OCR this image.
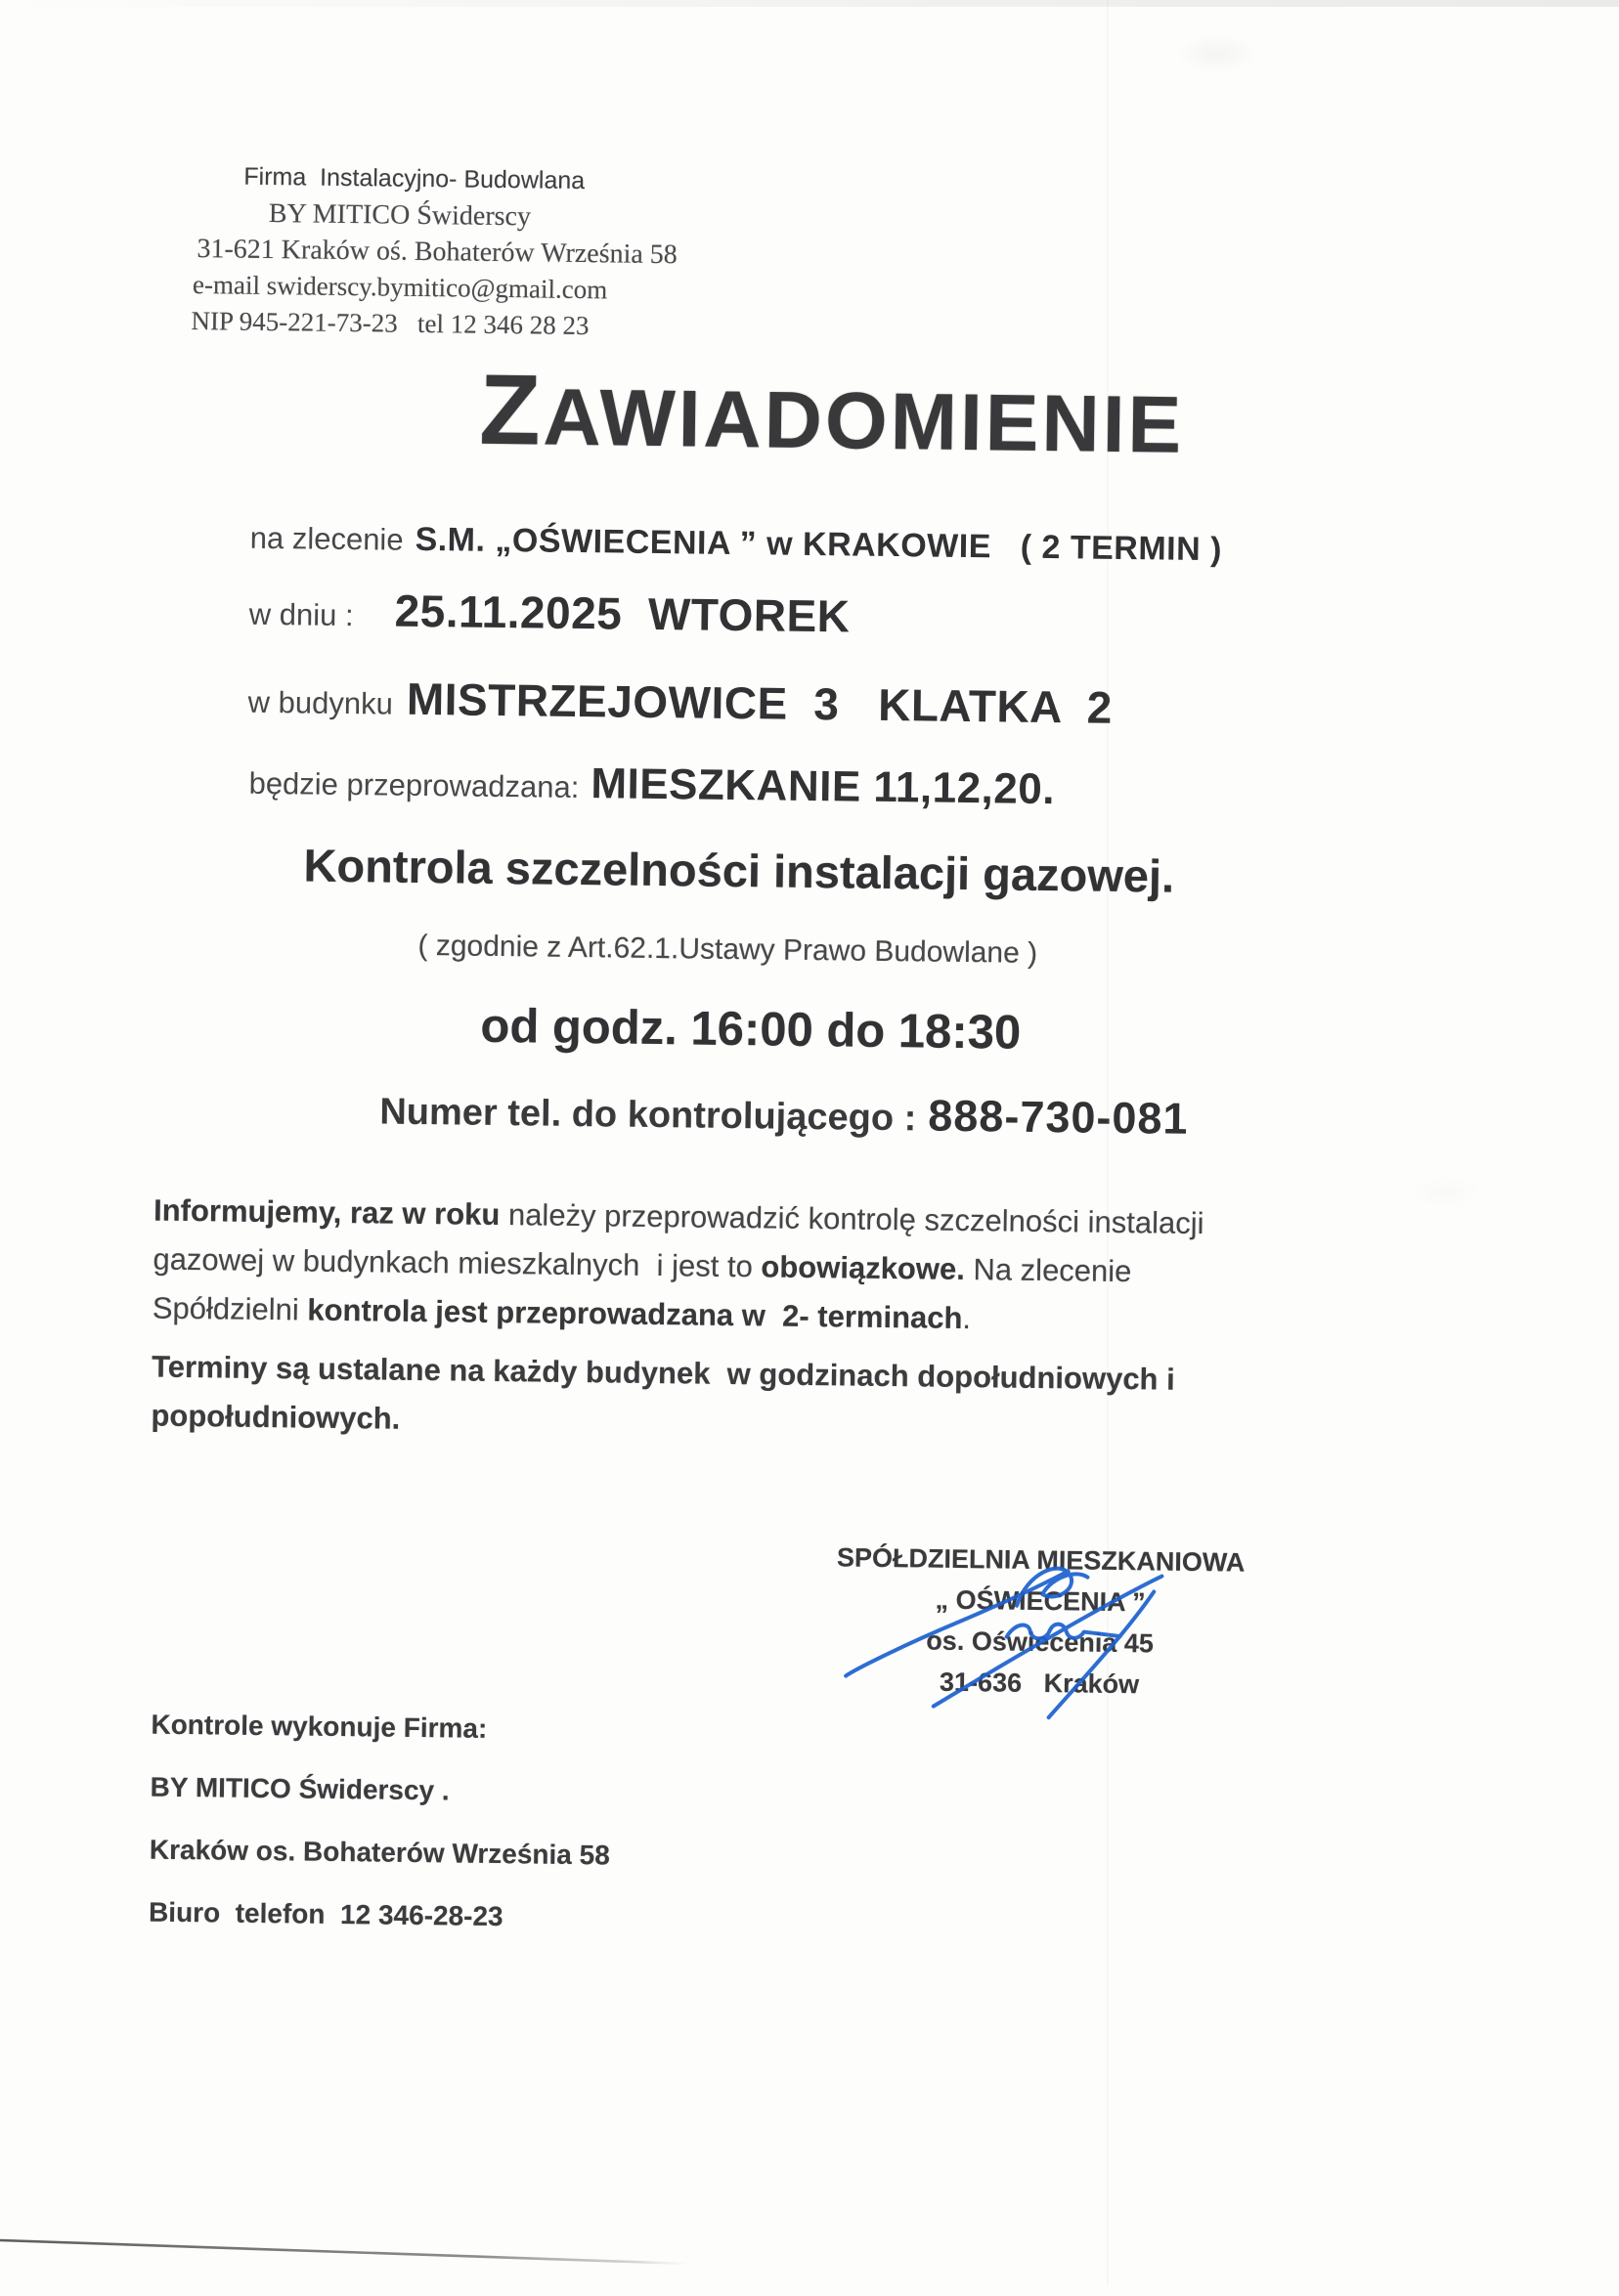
Firma  Instalacyjno- Budowlana
BY MITICO Świderscy
31-621 Kraków oś. Bohaterów Września 58
e-mail swiderscy.bymitico@gmail.com
NIP 945-221-73-23   tel 12 346 28 23
ZAWIADOMIENIE
na zlecenie S.M. „OŚWIECENIA ” w KRAKOWIE   ( 2 TERMIN )
w dniu : 25.11.2025  WTOREK
w budynku MISTRZEJOWICE  3   KLATKA  2
będzie przeprowadzana: MIESZKANIE 11,12,20.
Kontrola szczelności instalacji gazowej.
( zgodnie z Art.62.1.Ustawy Prawo Budowlane )
od godz. 16:00 do 18:30
Numer tel. do kontrolującego : 888-730-081
Informujemy, raz w roku należy przeprowadzić kontrolę szczelności instalacji
gazowej w budynkach mieszkalnych  i jest to obowiązkowe. Na zlecenie
Spółdzielni kontrola jest przeprowadzana w  2- terminach.
Terminy są ustalane na każdy budynek  w godzinach dopołudniowych i
popołudniowych.
SPÓŁDZIELNIA MIESZKANIOWA
„ OŚWIECENIA ”
os. Oświecenia 45
31-636   Kraków
Kontrole wykonuje Firma:
BY MITICO Świderscy .
Kraków os. Bohaterów Września 58
Biuro  telefon  12 346-28-23
